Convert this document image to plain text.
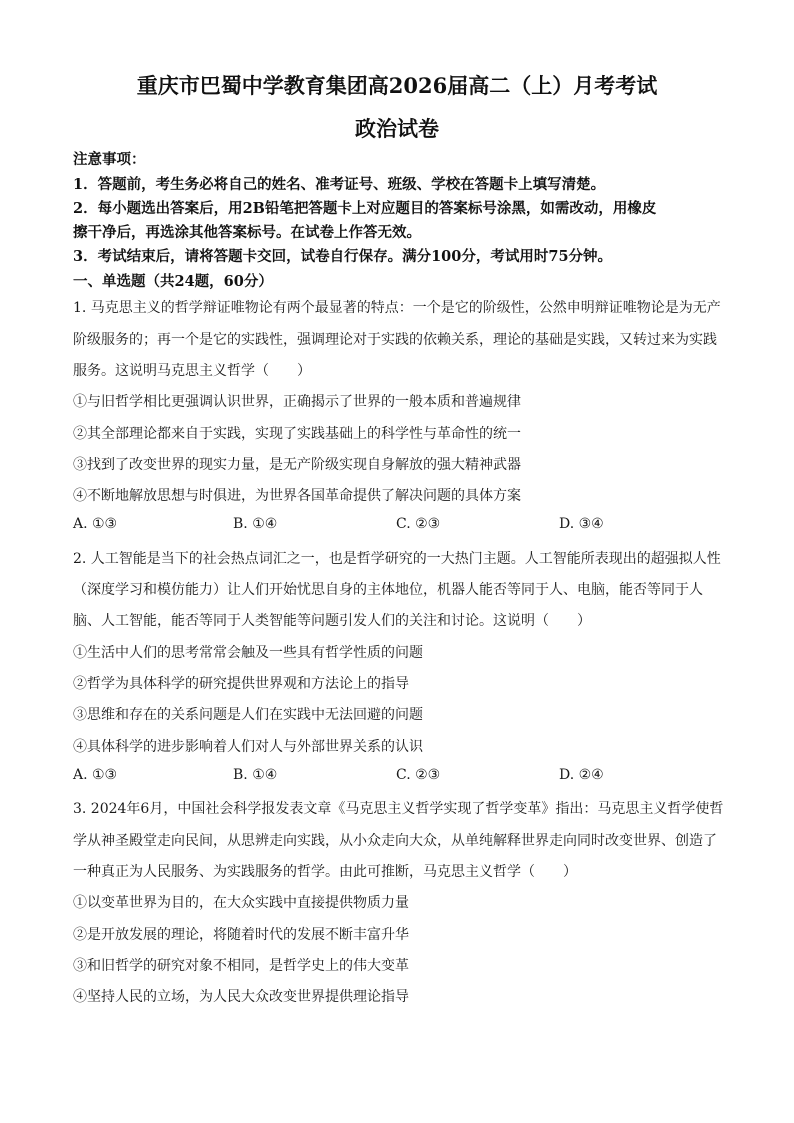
重庆市巴蜀中学教育集团高2026届高二（上）月考考试
政治试卷
注意事项：
1．答题前，考生务必将自己的姓名、准考证号、班级、学校在答题卡上填写清楚。
2．每小题选出答案后，用2B铅笔把答题卡上对应题目的答案标号涂黑，如需改动，用橡皮
擦干净后，再选涂其他答案标号。在试卷上作答无效。
3．考试结束后，请将答题卡交回，试卷自行保存。满分100分，考试用时75分钟。
一、单选题（共24题，60分）
1. 马克思主义的哲学辩证唯物论有两个最显著的特点：一个是它的阶级性，公然申明辩证唯物论是为无产
阶级服务的；再一个是它的实践性，强调理论对于实践的依赖关系，理论的基础是实践，又转过来为实践
服务。这说明马克思主义哲学（　　）
①与旧哲学相比更强调认识世界，正确揭示了世界的一般本质和普遍规律
②其全部理论都来自于实践，实现了实践基础上的科学性与革命性的统一
③找到了改变世界的现实力量，是无产阶级实现自身解放的强大精神武器
④不断地解放思想与时俱进，为世界各国革命提供了解决问题的具体方案
A. ①③	B. ①④	C. ②③	D. ③④
2. 人工智能是当下的社会热点词汇之一，也是哲学研究的一大热门主题。人工智能所表现出的超强拟人性
（深度学习和模仿能力）让人们开始忧思自身的主体地位，机器人能否等同于人、电脑，能否等同于人
脑、人工智能，能否等同于人类智能等问题引发人们的关注和讨论。这说明（　　）
①生活中人们的思考常常会触及一些具有哲学性质的问题
②哲学为具体科学的研究提供世界观和方法论上的指导
③思维和存在的关系问题是人们在实践中无法回避的问题
④具体科学的进步影响着人们对人与外部世界关系的认识
A. ①③	B. ①④	C. ②③	D. ②④
3. 2024年6月，中国社会科学报发表文章《马克思主义哲学实现了哲学变革》指出：马克思主义哲学使哲
学从神圣殿堂走向民间，从思辨走向实践，从小众走向大众，从单纯解释世界走向同时改变世界、创造了
一种真正为人民服务、为实践服务的哲学。由此可推断，马克思主义哲学（　　）
①以变革世界为目的，在大众实践中直接提供物质力量
②是开放发展的理论，将随着时代的发展不断丰富升华
③和旧哲学的研究对象不相同，是哲学史上的伟大变革
④坚持人民的立场，为人民大众改变世界提供理论指导
